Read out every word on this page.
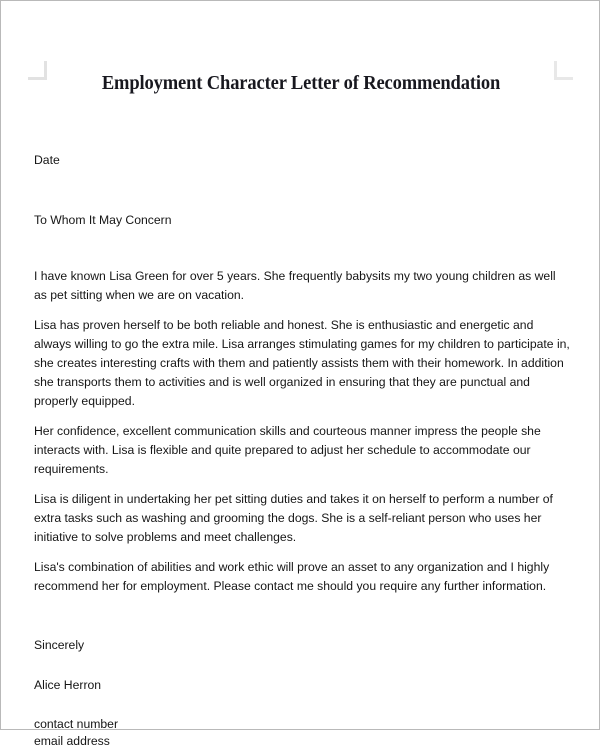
Employment Character Letter of Recommendation

Date

To Whom It May Concern

I have known Lisa Green for over 5 years. She frequently babysits my two young children as well as pet sitting when we are on vacation.

Lisa has proven herself to be both reliable and honest. She is enthusiastic and energetic and always willing to go the extra mile. Lisa arranges stimulating games for my children to participate in, she creates interesting crafts with them and patiently assists them with their homework. In addition she transports them to activities and is well organized in ensuring that they are punctual and properly equipped.

Her confidence, excellent communication skills and courteous manner impress the people she interacts with. Lisa is flexible and quite prepared to adjust her schedule to accommodate our requirements.

Lisa is diligent in undertaking her pet sitting duties and takes it on herself to perform a number of extra tasks such as washing and grooming the dogs. She is a self-reliant person who uses her initiative to solve problems and meet challenges.

Lisa's combination of abilities and work ethic will prove an asset to any organization and I highly recommend her for employment. Please contact me should you require any further information.

Sincerely

Alice Herron

contact number

email address
